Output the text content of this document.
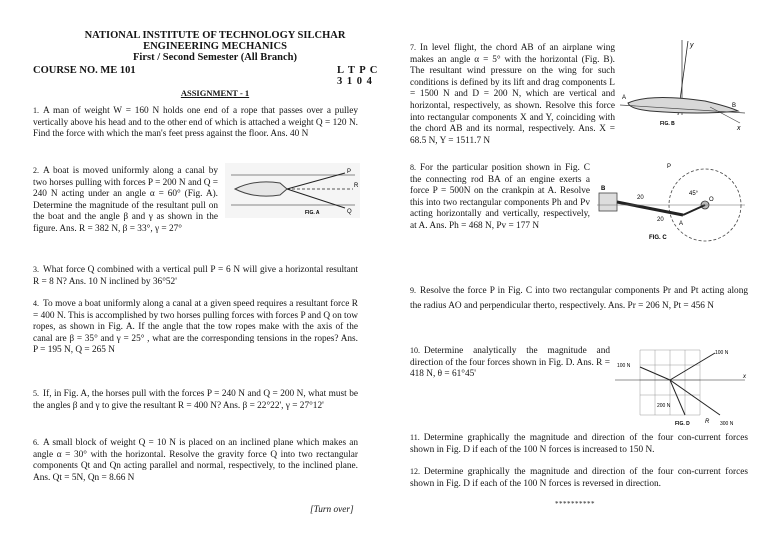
NATIONAL INSTITUTE OF TECHNOLOGY SILCHAR
ENGINEERING MECHANICS
First / Second Semester (All Branch)
COURSE NO. ME 101	L T P C
3 1 0 4
ASSIGNMENT - 1
1. A man of weight W = 160 N holds one end of a rope that passes over a pulley vertically above his head and to the other end of which is attached a weight Q = 120 N. Find the force with which the man's feet press against the floor. Ans. 40 N
2. A boat is moved uniformly along a canal by two horses pulling with forces P = 200 N and Q = 240 N acting under an angle α = 60° (Fig. A). Determine the magnitude of the resultant pull on the boat and the angle β and γ as shown in the figure. Ans. R = 382 N, β = 33°, γ = 27°
P
Q
R
FIG. A
3. What force Q combined with a vertical pull P = 6 N will give a horizontal resultant R = 8 N? Ans. 10 N inclined by 36°52'
4. To move a boat uniformly along a canal at a given speed requires a resultant force R = 400 N. This is accomplished by two horses pulling forces with forces P and Q on tow ropes, as shown in Fig. A. If the angle that the tow ropes make with the axis of the canal are β = 35° and γ = 25° , what are the corresponding tensions in the ropes? Ans. P = 195 N, Q = 265 N
5. If, in Fig. A, the horses pull with the forces P = 240 N and Q = 200 N, what must be the angles β and γ to give the resultant R = 400 N? Ans. β = 22°22', γ = 27°12'
6. A small block of weight Q = 10 N is placed on an inclined plane which makes an angle α = 30° with the horizontal. Resolve the gravity force Q into two rectangular components Qt and Qn acting parallel and normal, respectively, to the inclined plane. Ans. Qt = 5N, Qn = 8.66 N
[Turn over]
7. In level flight, the chord AB of an airplane wing makes an angle α = 5° with the horizontal (Fig. B). The resultant wind pressure on the wing for such conditions is defined by its lift and drag components L = 1500 N and D = 200 N, which are vertical and horizontal, respectively, as shown. Resolve this force into rectangular components X and Y, coinciding with the chord AB and its normal, respectively. Ans. X = 68.5 N, Y = 1511.7 N
y
x
A
B
FIG. B
8. For the particular position shown in Fig. C the connecting rod BA of an engine exerts a force P = 500N on the crankpin at A. Resolve this into two rectangular components Ph and Pv acting horizontally and vertically, respectively, at A. Ans. Ph = 468 N, Pv = 177 N
B
A
O
P
20
45°
20
FIG. C
9. Resolve the force P in Fig. C into two rectangular components Pr and Pt acting along the radius AO and perpendicular therto, respectively. Ans. Pr = 206 N, Pt = 456 N
10. Determine analytically the magnitude and direction of the four forces shown in Fig. D. Ans. R = 418 N, θ = 61°45'
100 N
100 N
200 N
300 N
R
x
FIG. D
11. Determine graphically the magnitude and direction of the four con-current forces shown in Fig. D if each of the 100 N forces is increased to 150 N.
12. Determine graphically the magnitude and direction of the four con-current forces shown in Fig. D if each of the 100 N forces is reversed in direction.
**********
